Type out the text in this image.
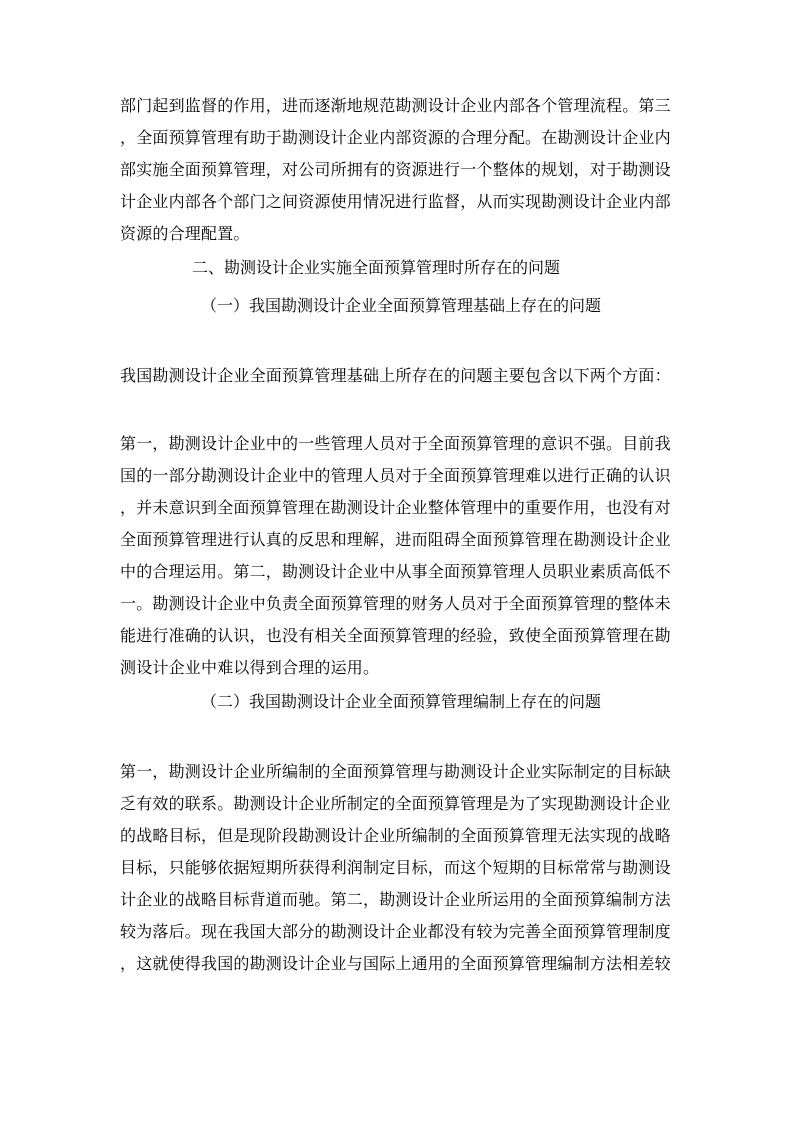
部门起到监督的作用，进而逐渐地规范勘测设计企业内部各个管理流程。第三
，全面预算管理有助于勘测设计企业内部资源的合理分配。在勘测设计企业内
部实施全面预算管理，对公司所拥有的资源进行一个整体的规划，对于勘测设
计企业内部各个部门之间资源使用情况进行监督，从而实现勘测设计企业内部
资源的合理配置。
二、勘测设计企业实施全面预算管理时所存在的问题
（一）我国勘测设计企业全面预算管理基础上存在的问题
我国勘测设计企业全面预算管理基础上所存在的问题主要包含以下两个方面：
第一，勘测设计企业中的一些管理人员对于全面预算管理的意识不强。目前我
国的一部分勘测设计企业中的管理人员对于全面预算管理难以进行正确的认识
，并未意识到全面预算管理在勘测设计企业整体管理中的重要作用，也没有对
全面预算管理进行认真的反思和理解，进而阻碍全面预算管理在勘测设计企业
中的合理运用。第二，勘测设计企业中从事全面预算管理人员职业素质高低不
一。勘测设计企业中负责全面预算管理的财务人员对于全面预算管理的整体未
能进行准确的认识，也没有相关全面预算管理的经验，致使全面预算管理在勘
测设计企业中难以得到合理的运用。
（二）我国勘测设计企业全面预算管理编制上存在的问题
第一，勘测设计企业所编制的全面预算管理与勘测设计企业实际制定的目标缺
乏有效的联系。勘测设计企业所制定的全面预算管理是为了实现勘测设计企业
的战略目标，但是现阶段勘测设计企业所编制的全面预算管理无法实现的战略
目标，只能够依据短期所获得利润制定目标，而这个短期的目标常常与勘测设
计企业的战略目标背道而驰。第二，勘测设计企业所运用的全面预算编制方法
较为落后。现在我国大部分的勘测设计企业都没有较为完善全面预算管理制度
，这就使得我国的勘测设计企业与国际上通用的全面预算管理编制方法相差较
